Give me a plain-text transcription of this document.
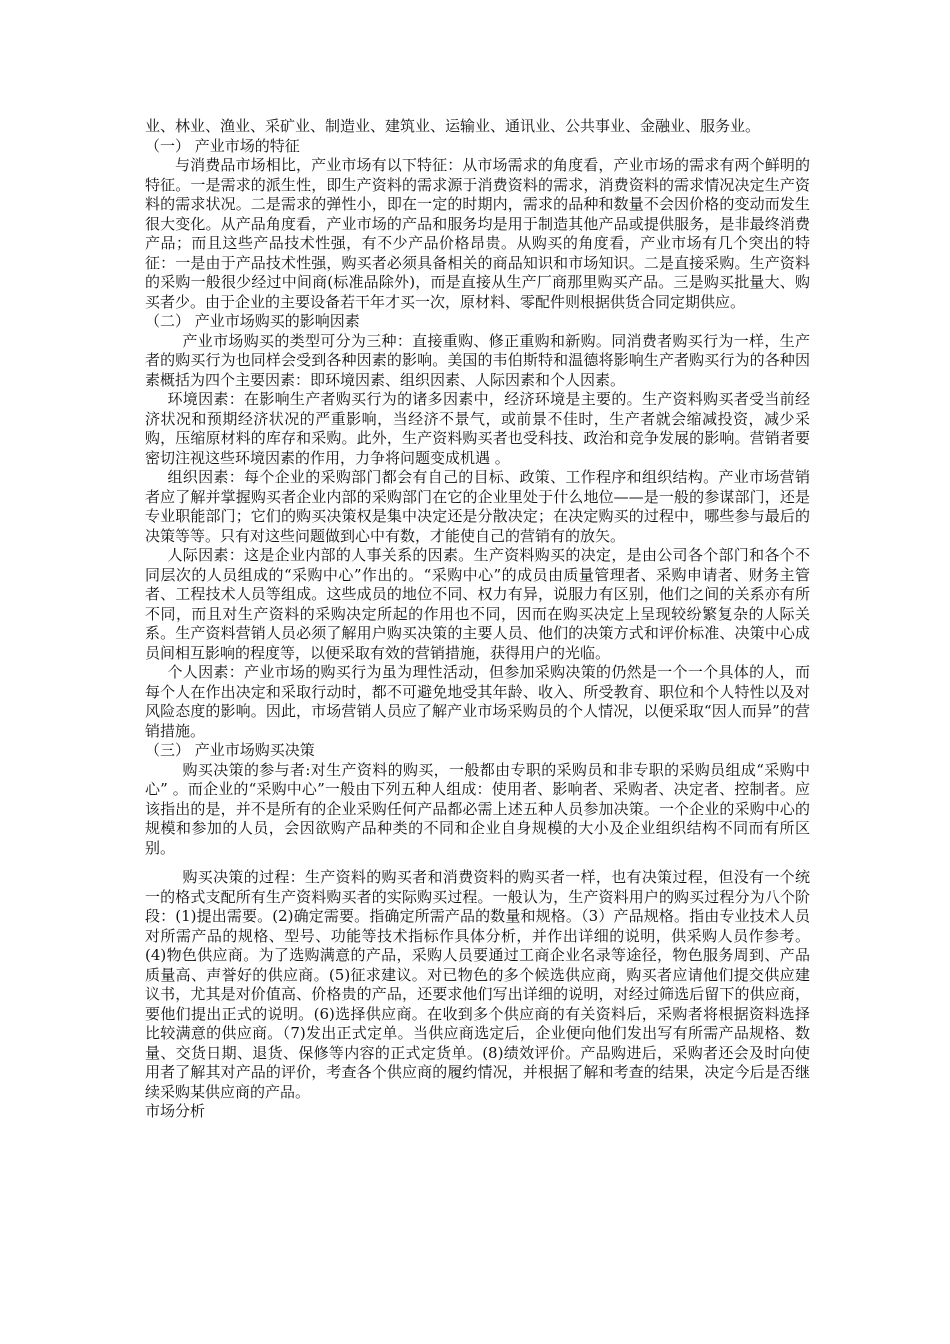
业、林业、渔业、采矿业、制造业、建筑业、运输业、通讯业、公共事业、金融业、服务业。

（一） 产业市场的特征

与消费品市场相比，产业市场有以下特征：从市场需求的角度看，产业市场的需求有两个鲜明的特征。一是需求的派生性，即生产资料的需求源于消费资料的需求，消费资料的需求情况决定生产资料的需求状况。二是需求的弹性小，即在一定的时期内，需求的品种和数量不会因价格的变动而发生很大变化。从产品角度看，产业市场的产品和服务均是用于制造其他产品或提供服务，是非最终消费产品；而且这些产品技术性强，有不少产品价格昂贵。从购买的角度看，产业市场有几个突出的特征：一是由于产品技术性强，购买者必须具备相关的商品知识和市场知识。二是直接采购。生产资料的采购一般很少经过中间商(标准品除外)，而是直接从生产厂商那里购买产品。三是购买批量大、购买者少。由于企业的主要设备若干年才买一次，原材料、零配件则根据供货合同定期供应。

（二） 产业市场购买的影响因素

产业市场购买的类型可分为三种：直接重购、修正重购和新购。同消费者购买行为一样，生产者的购买行为也同样会受到各种因素的影响。美国的韦伯斯特和温德将影响生产者购买行为的各种因素概括为四个主要因素：即环境因素、组织因素、人际因素和个人因素。

环境因素：在影响生产者购买行为的诸多因素中，经济环境是主要的。生产资料购买者受当前经济状况和预期经济状况的严重影响，当经济不景气，或前景不佳时，生产者就会缩减投资，减少采购，压缩原材料的库存和采购。此外，生产资料购买者也受科技、政治和竞争发展的影响。营销者要密切注视这些环境因素的作用，力争将问题变成机遇 。

组织因素：每个企业的采购部门都会有自己的目标、政策、工作程序和组织结构。产业市场营销者应了解并掌握购买者企业内部的采购部门在它的企业里处于什么地位——是一般的参谋部门，还是专业职能部门；它们的购买决策权是集中决定还是分散决定；在决定购买的过程中，哪些参与最后的决策等等。只有对这些问题做到心中有数，才能使自己的营销有的放矢。

人际因素：这是企业内部的人事关系的因素。生产资料购买的决定，是由公司各个部门和各个不同层次的人员组成的“采购中心”作出的。“采购中心”的成员由质量管理者、采购申请者、财务主管者、工程技术人员等组成。这些成员的地位不同、权力有异，说服力有区别，他们之间的关系亦有所不同，而且对生产资料的采购决定所起的作用也不同，因而在购买决定上呈现较纷繁复杂的人际关系。生产资料营销人员必须了解用户购买决策的主要人员、他们的决策方式和评价标准、决策中心成员间相互影响的程度等，以便采取有效的营销措施，获得用户的光临。

个人因素：产业市场的购买行为虽为理性活动，但参加采购决策的仍然是一个一个具体的人，而每个人在作出决定和采取行动时，都不可避免地受其年龄、收入、所受教育、职位和个人特性以及对风险态度的影响。因此，市场营销人员应了解产业市场采购员的个人情况，以便采取“因人而异”的营销措施。

（三） 产业市场购买决策

购买决策的参与者:对生产资料的购买，一般都由专职的采购员和非专职的采购员组成“采购中心” 。而企业的“采购中心”一般由下列五种人组成：使用者、影响者、采购者、决定者、控制者。应该指出的是，并不是所有的企业采购任何产品都必需上述五种人员参加决策。一个企业的采购中心的规模和参加的人员，会因欲购产品种类的不同和企业自身规模的大小及企业组织结构不同而有所区别。

购买决策的过程：生产资料的购买者和消费资料的购买者一样，也有决策过程，但没有一个统一的格式支配所有生产资料购买者的实际购买过程。一般认为，生产资料用户的购买过程分为八个阶段：(1)提出需要。(2)确定需要。指确定所需产品的数量和规格。（3）产品规格。指由专业技术人员对所需产品的规格、型号、功能等技术指标作具体分析，并作出详细的说明，供采购人员作参考。(4)物色供应商。为了选购满意的产品，采购人员要通过工商企业名录等途径，物色服务周到、产品质量高、声誉好的供应商。(5)征求建议。对已物色的多个候选供应商，购买者应请他们提交供应建议书，尤其是对价值高、价格贵的产品，还要求他们写出详细的说明，对经过筛选后留下的供应商，要他们提出正式的说明。(6)选择供应商。在收到多个供应商的有关资料后，采购者将根据资料选择比较满意的供应商。（7)发出正式定单。当供应商选定后，企业便向他们发出写有所需产品规格、数量、交货日期、退货、保修等内容的正式定货单。(8)绩效评价。产品购进后，采购者还会及时向使用者了解其对产品的评价，考查各个供应商的履约情况，并根据了解和考查的结果，决定今后是否继续采购某供应商的产品。

市场分析
